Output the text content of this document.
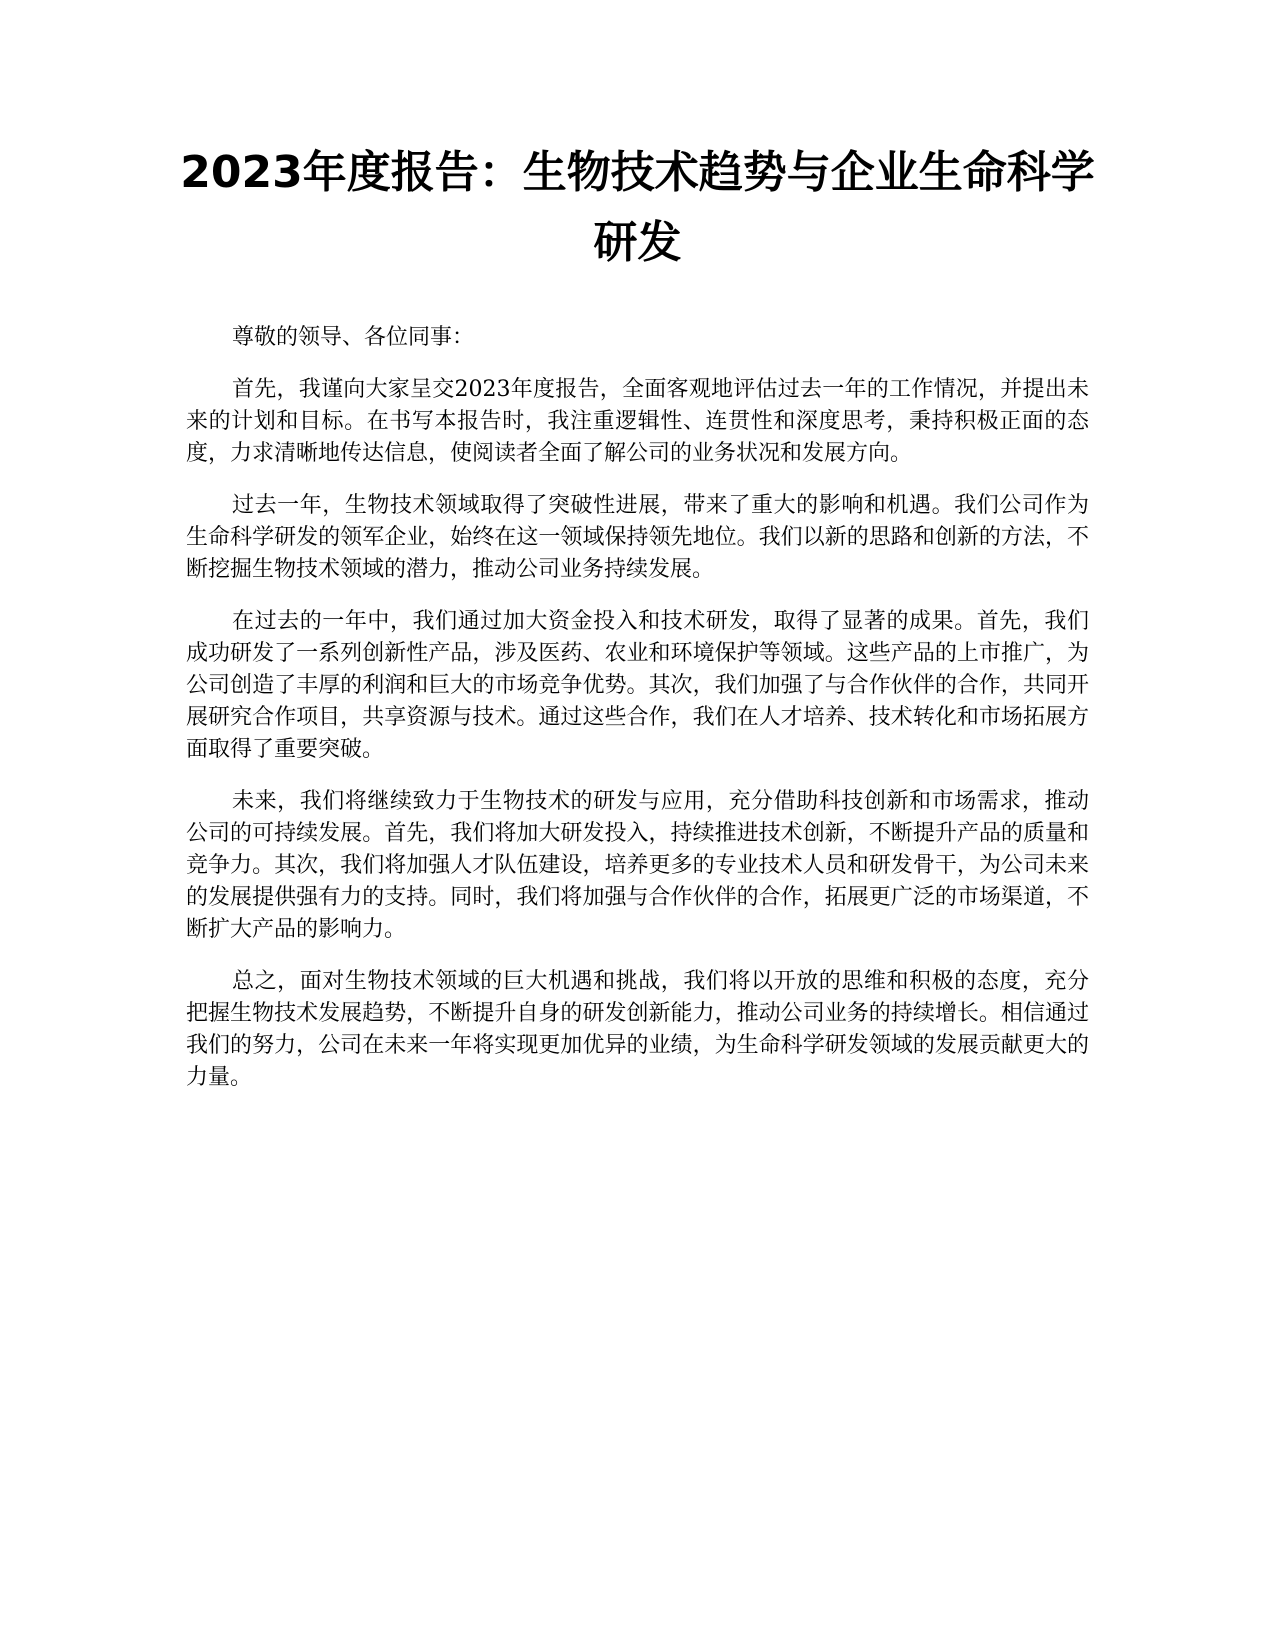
2023年度报告：生物技术趋势与企业生命科学研发

尊敬的领导、各位同事：

首先，我谨向大家呈交2023年度报告，全面客观地评估过去一年的工作情况，并提出未来的计划和目标。在书写本报告时，我注重逻辑性、连贯性和深度思考，秉持积极正面的态度，力求清晰地传达信息，使阅读者全面了解公司的业务状况和发展方向。

过去一年，生物技术领域取得了突破性进展，带来了重大的影响和机遇。我们公司作为生命科学研发的领军企业，始终在这一领域保持领先地位。我们以新的思路和创新的方法，不断挖掘生物技术领域的潜力，推动公司业务持续发展。

在过去的一年中，我们通过加大资金投入和技术研发，取得了显著的成果。首先，我们成功研发了一系列创新性产品，涉及医药、农业和环境保护等领域。这些产品的上市推广，为公司创造了丰厚的利润和巨大的市场竞争优势。其次，我们加强了与合作伙伴的合作，共同开展研究合作项目，共享资源与技术。通过这些合作，我们在人才培养、技术转化和市场拓展方面取得了重要突破。

未来，我们将继续致力于生物技术的研发与应用，充分借助科技创新和市场需求，推动公司的可持续发展。首先，我们将加大研发投入，持续推进技术创新，不断提升产品的质量和竞争力。其次，我们将加强人才队伍建设，培养更多的专业技术人员和研发骨干，为公司未来的发展提供强有力的支持。同时，我们将加强与合作伙伴的合作，拓展更广泛的市场渠道，不断扩大产品的影响力。

总之，面对生物技术领域的巨大机遇和挑战，我们将以开放的思维和积极的态度，充分把握生物技术发展趋势，不断提升自身的研发创新能力，推动公司业务的持续增长。相信通过我们的努力，公司在未来一年将实现更加优异的业绩，为生命科学研发领域的发展贡献更大的力量。
